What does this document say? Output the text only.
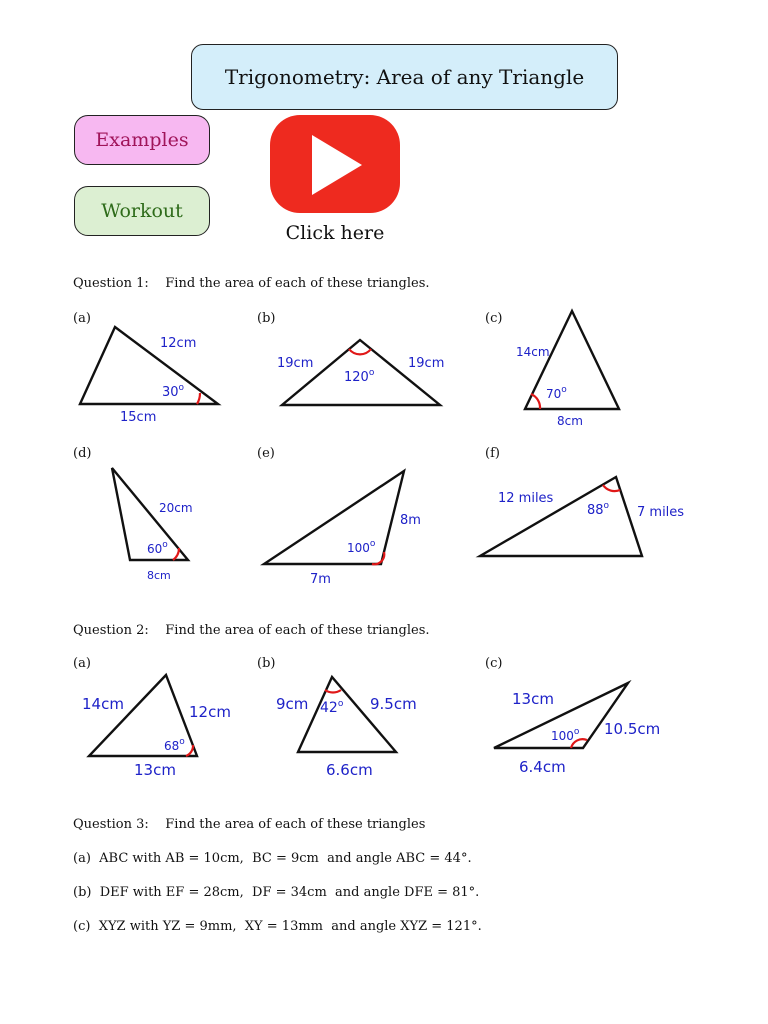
Trigonometry: Area of any Triangle
Examples
Workout
Click here
Question 1:    Find the area of each of these triangles.
(a)	(b)	(c)
(d)	(e)	(f)
12cm
15cm
30$^o$
19cm	19cm
120$^o$
14cm
8cm
70$^o$
20cm
8cm
60$^o$
8m
7m
100$^o$
12 miles
7 miles
88$^o$
Question 2:    Find the area of each of these triangles.
(a)	(b)	(c)
14cm	12cm
13cm
68$^o$
9cm	9.5cm
6.6cm
42$^o$	13cm
10.5cm
6.4cm
100$^o$
Question 3:    Find the area of each of these triangles
(a)  ABC with AB = 10cm,  BC = 9cm  and angle ABC = 44°.
(b)  DEF with EF = 28cm,  DF = 34cm  and angle DFE = 81°.
(c)  XYZ with YZ = 9mm,  XY = 13mm  and angle XYZ = 121°.
